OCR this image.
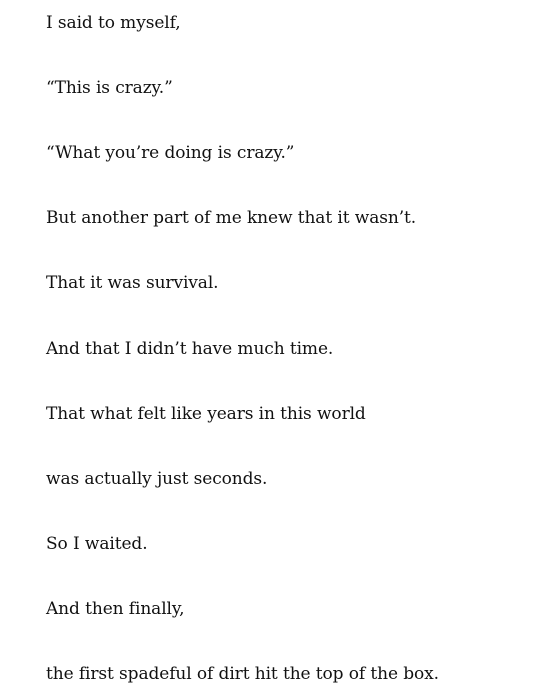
I said to myself,

“This is crazy.”

“What you’re doing is crazy.”

But another part of me knew that it wasn’t.

That it was survival.

And that I didn’t have much time.

That what felt like years in this world

was actually just seconds.

So I waited.

And then finally,

the first spadeful of dirt hit the top of the box.
